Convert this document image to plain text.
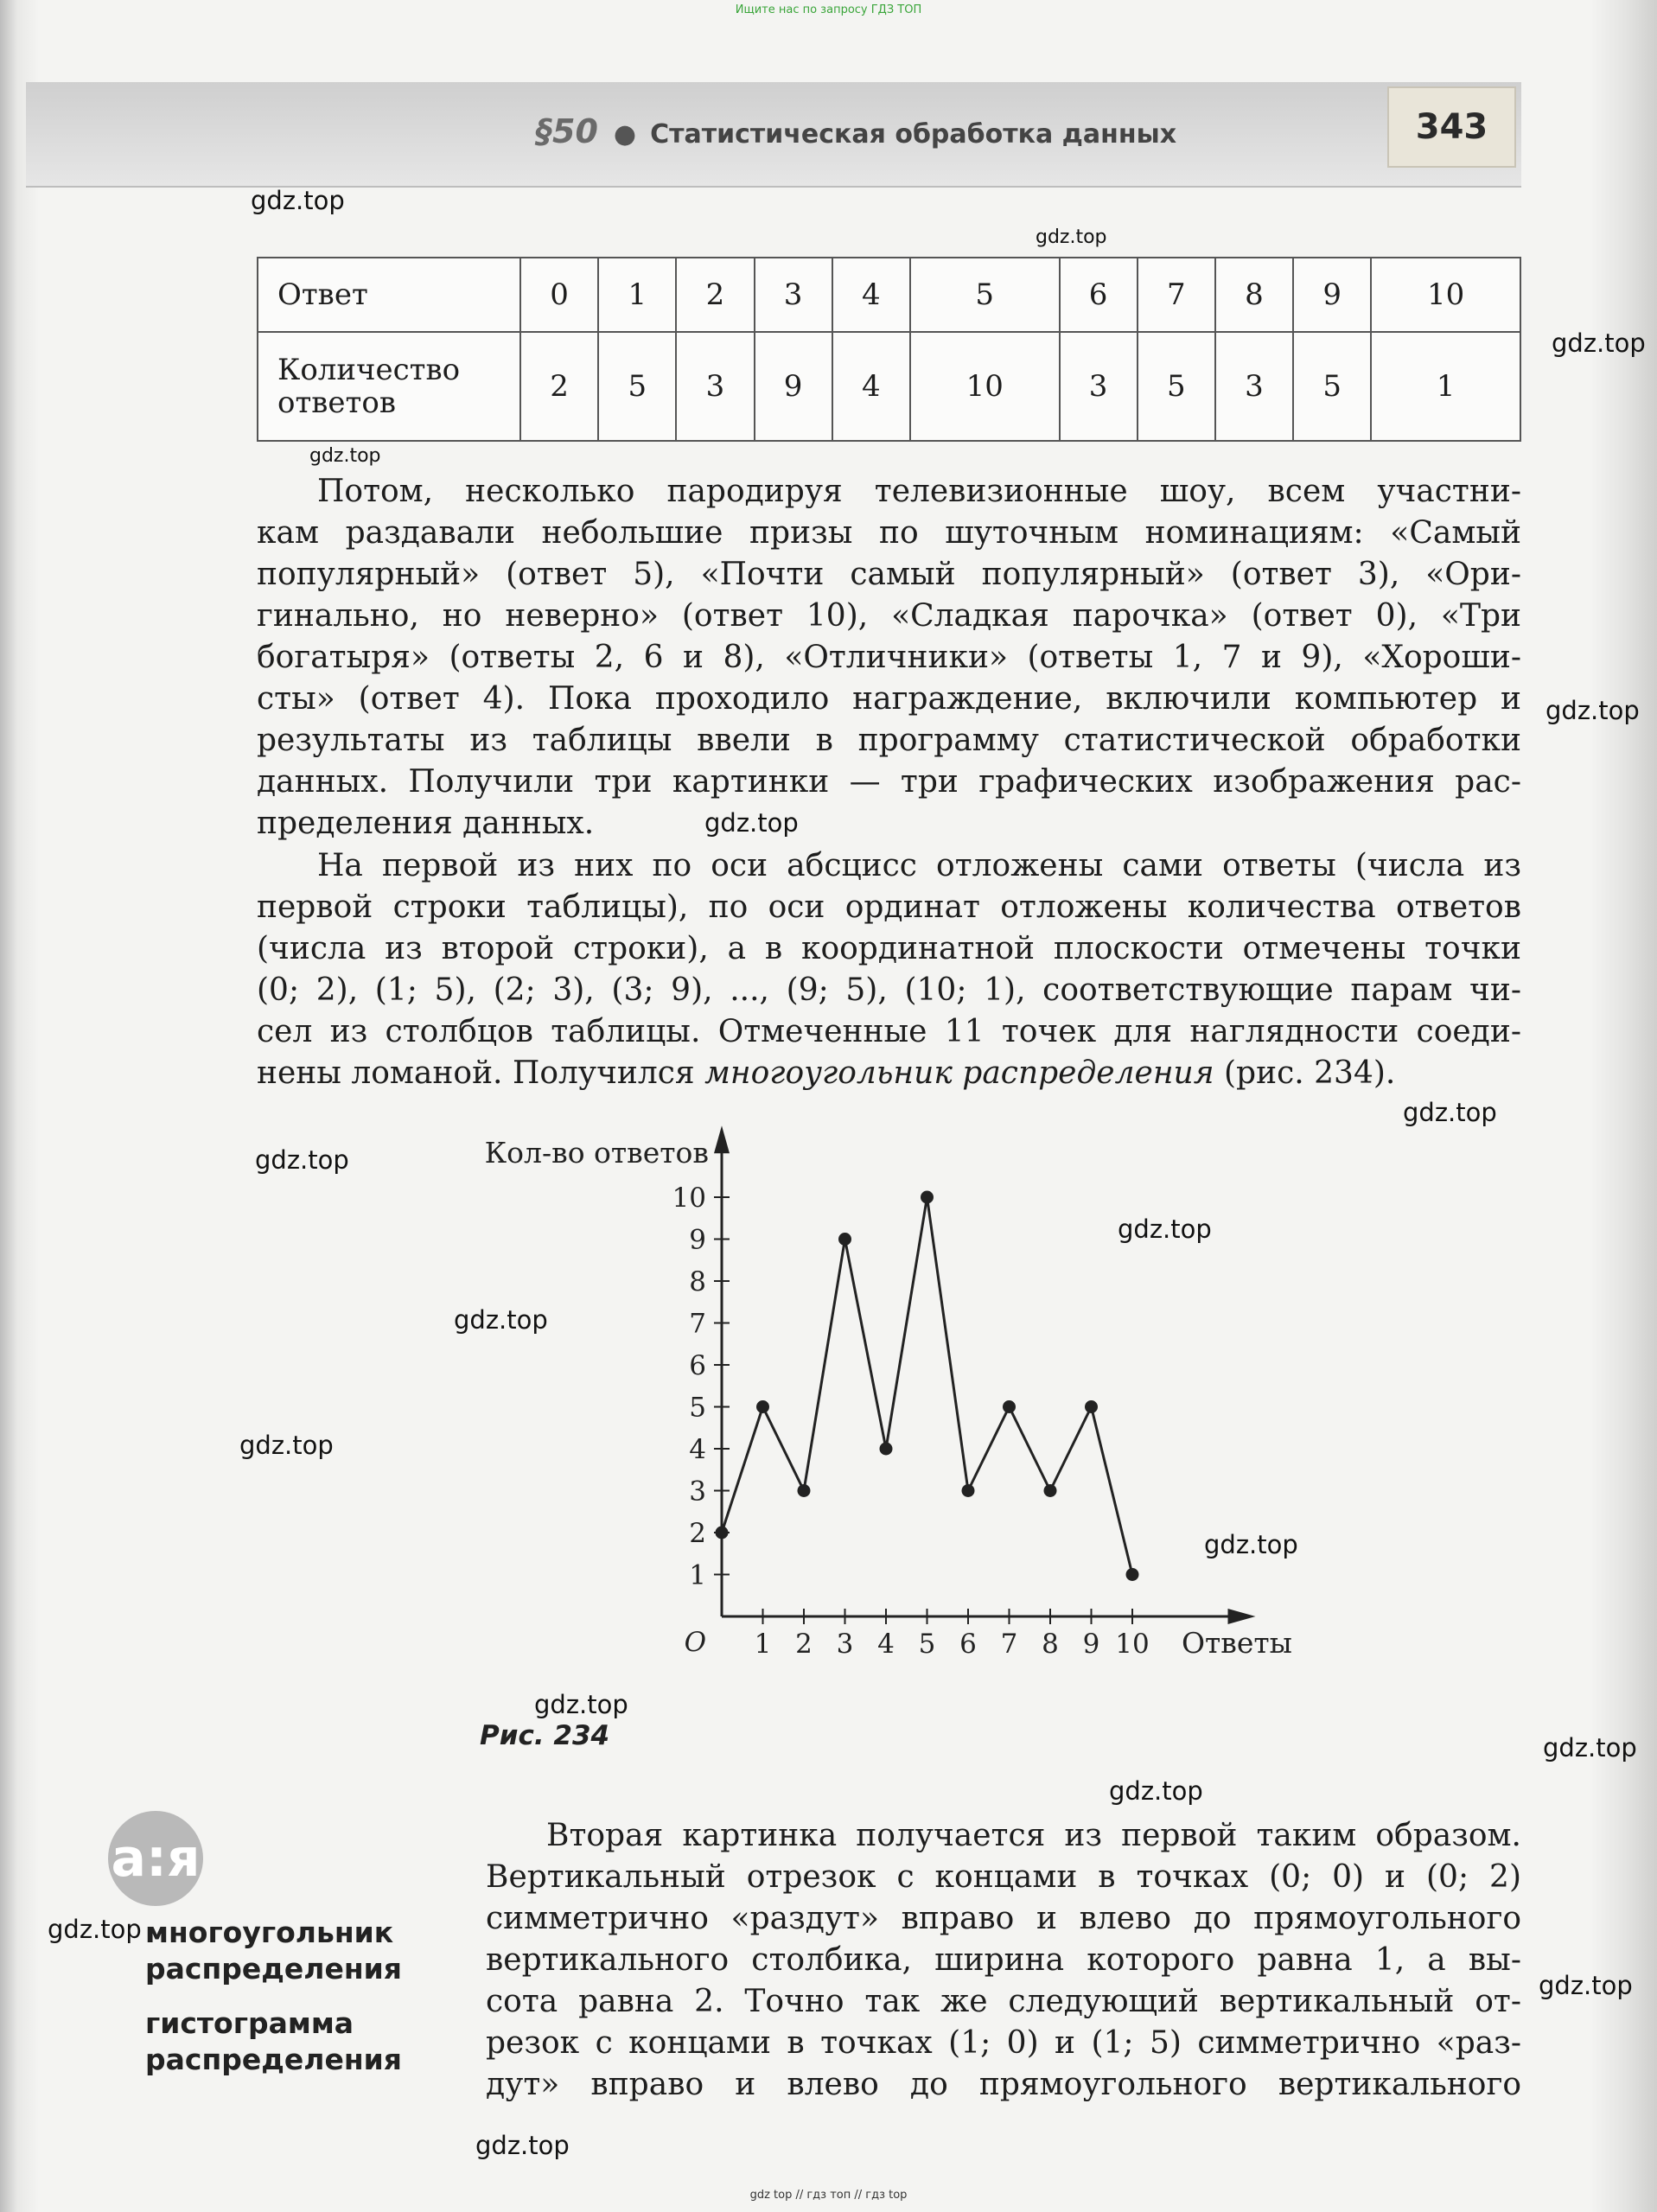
Ищите нас по запросу ГДЗ ТОП
§50 ● Статистическая обработка данных	343
gdz.top
gdz.top
gdz.top
gdz.top
gdz.top
gdz.top
gdz.top
gdz.top
gdz.top
gdz.top
gdz.top
gdz.top
gdz.top
gdz.top
gdz.top
gdz.top
gdz.top
gdz.top
Ответ	0	1	2	3	4	5	6	7	8	9	10
Количество
ответов	2	5	3	9	4	10	3	5	3	5	1
Потом, несколько пародируя телевизионные шоу, всем участни-
кам раздавали небольшие призы по шуточным номинациям: «Самый
популярный» (ответ 5), «Почти самый популярный» (ответ 3), «Ори-
гинально, но неверно» (ответ 10), «Сладкая парочка» (ответ 0), «Три
богатыря» (ответы 2, 6 и 8), «Отличники» (ответы 1, 7 и 9), «Хороши-
сты» (ответ 4). Пока проходило награждение, включили компьютер и
результаты из таблицы ввели в программу статистической обработки
данных. Получили три картинки — три графических изображения рас-
пределения данных.
На первой из них по оси абсцисс отложены сами ответы (числа из
первой строки таблицы), по оси ординат отложены количества ответов
(числа из второй строки), а в координатной плоскости отмечены точки
(0; 2), (1; 5), (2; 3), (3; 9), ..., (9; 5), (10; 1), соответствующие парам чи-
сел из столбцов таблицы. Отмеченные 11 точек для наглядности соеди-
нены ломаной. Получился многоугольник распределения (рис. 234).
1 2 3 4 5 6 7 8 9 10
1
2
3
4
5
6
7
8
9
10
O
Кол-во ответов
Ответы
Рис. 234
а:я
многоугольник
распределения
гистограмма
распределения
Вторая картинка получается из первой таким образом.
Вертикальный отрезок с концами в точках (0; 0) и (0; 2)
симметрично «раздут» вправо и влево до прямоугольного
вертикального столбика, ширина которого равна 1, а вы-
сота равна 2. Точно так же следующий вертикальный от-
резок с концами в точках (1; 0) и (1; 5) симметрично «раз-
дут» вправо и влево до прямоугольного вертикального
gdz top // гдз топ // гдз top
